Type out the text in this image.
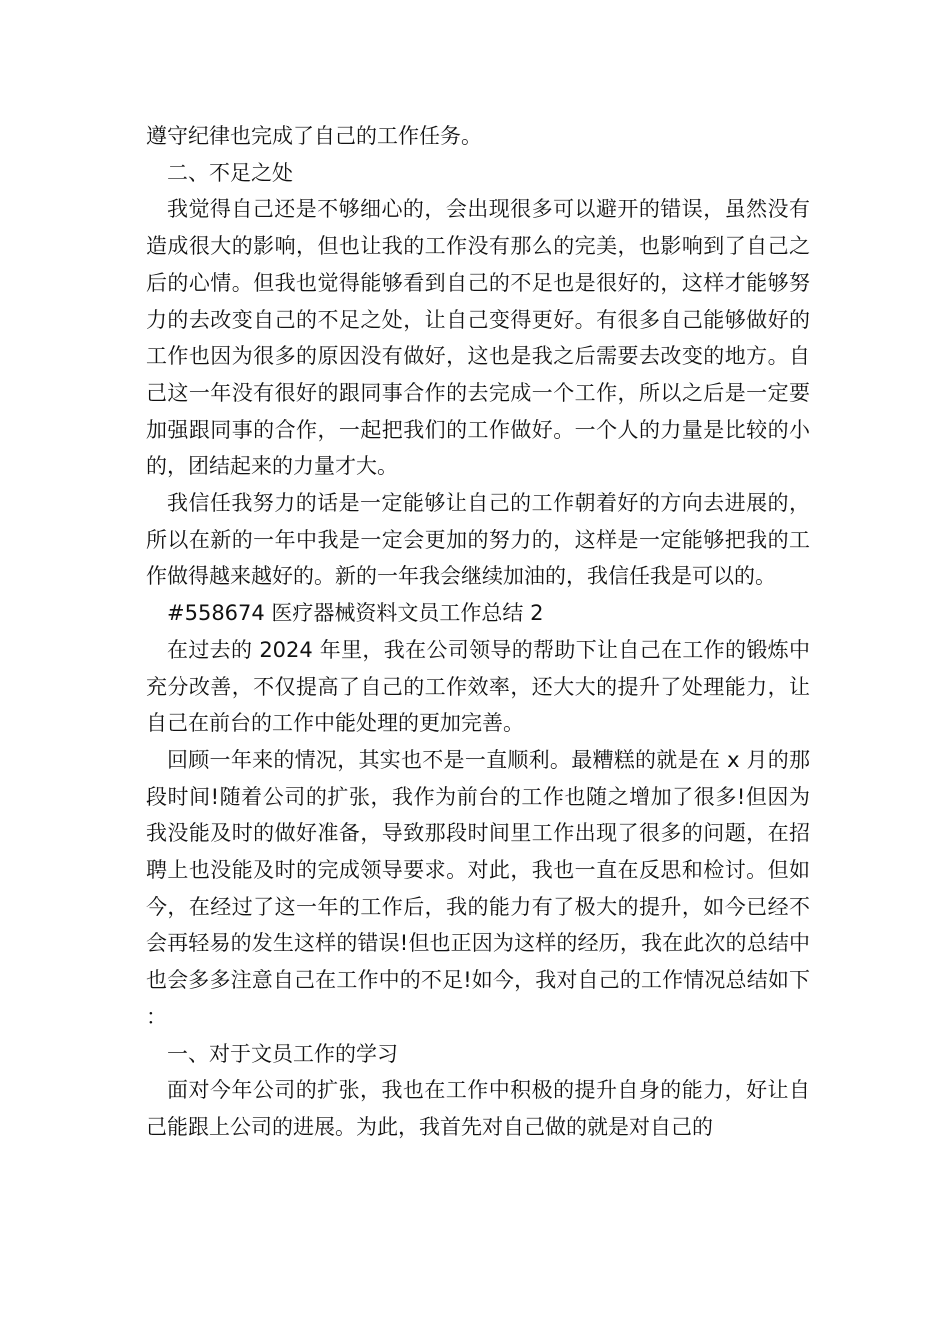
遵守纪律也完成了自己的工作任务。

二、不足之处

我觉得自己还是不够细心的，会出现很多可以避开的错误，虽然没有造成很大的影响，但也让我的工作没有那么的完美，也影响到了自己之后的心情。但我也觉得能够看到自己的不足也是很好的，这样才能够努力的去改变自己的不足之处，让自己变得更好。有很多自己能够做好的工作也因为很多的原因没有做好，这也是我之后需要去改变的地方。自己这一年没有很好的跟同事合作的去完成一个工作，所以之后是一定要加强跟同事的合作，一起把我们的工作做好。一个人的力量是比较的小的，团结起来的力量才大。

我信任我努力的话是一定能够让自己的工作朝着好的方向去进展的，所以在新的一年中我是一定会更加的努力的，这样是一定能够把我的工作做得越来越好的。新的一年我会继续加油的，我信任我是可以的。

#558674 医疗器械资料文员工作总结 2

在过去的 2024 年里，我在公司领导的帮助下让自己在工作的锻炼中充分改善，不仅提高了自己的工作效率，还大大的提升了处理能力，让自己在前台的工作中能处理的更加完善。

回顾一年来的情况，其实也不是一直顺利。最糟糕的就是在 x 月的那段时间!随着公司的扩张，我作为前台的工作也随之增加了很多!但因为我没能及时的做好准备，导致那段时间里工作出现了很多的问题，在招聘上也没能及时的完成领导要求。对此，我也一直在反思和检讨。但如今，在经过了这一年的工作后，我的能力有了极大的提升，如今已经不会再轻易的发生这样的错误!但也正因为这样的经历，我在此次的总结中也会多多注意自己在工作中的不足!如今，我对自己的工作情况总结如下：

一、对于文员工作的学习

面对今年公司的扩张，我也在工作中积极的提升自身的能力，好让自己能跟上公司的进展。为此，我首先对自己做的就是对自己的
